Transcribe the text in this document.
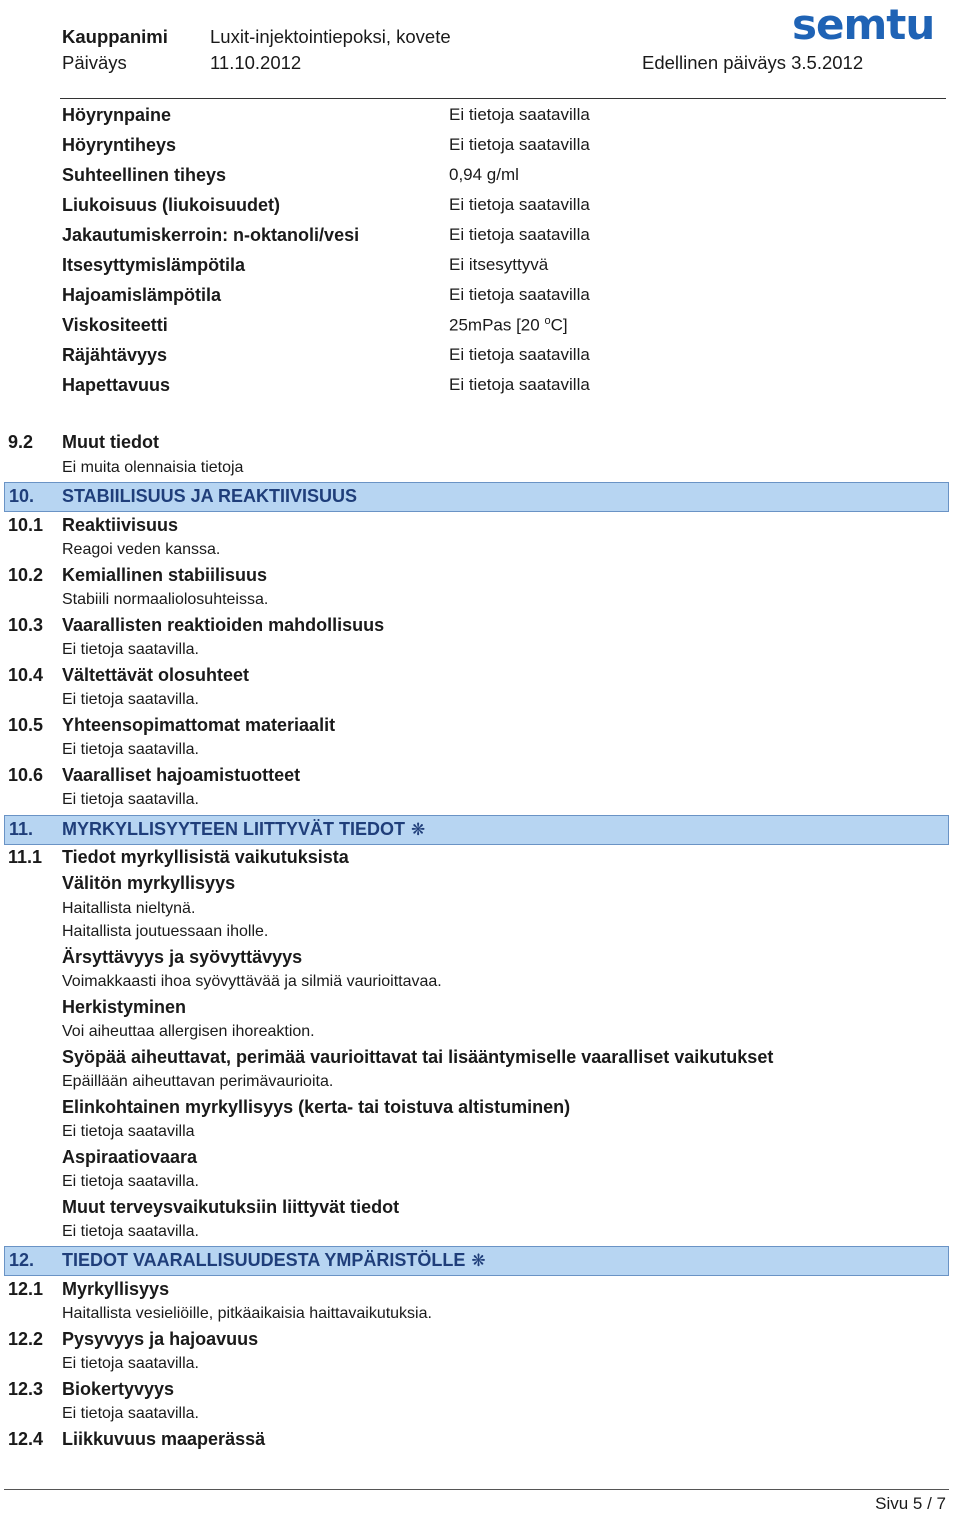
Kauppanimi Luxit-injektointiepoksi, kovete
Päiväys	11.10.2012	Edellinen päiväys 3.5.2012
semtu
Höyrynpaine	Ei tietoja saatavilla
Höyryntiheys	Ei tietoja saatavilla
Suhteellinen tiheys	0,94 g/ml
Liukoisuus (liukoisuudet)	Ei tietoja saatavilla
Jakautumiskerroin: n-oktanoli/vesi	Ei tietoja saatavilla
Itsesyttymislämpötila	Ei itsesyttyvä
Hajoamislämpötila	Ei tietoja saatavilla
Viskositeetti	25mPas [20 $^o$C]
Räjähtävyys	Ei tietoja saatavilla
Hapettavuus	Ei tietoja saatavilla
9.2 Muut tiedot
Ei muita olennaisia tietoja
10. STABIILISUUS JA REAKTIIVISUUS
10.1 Reaktiivisuus
Reagoi veden kanssa.
10.2 Kemiallinen stabiilisuus
Stabiili normaaliolosuhteissa.
10.3 Vaarallisten reaktioiden mahdollisuus
Ei tietoja saatavilla.
10.4 Vältettävät olosuhteet
Ei tietoja saatavilla.
10.5 Yhteensopimattomat materiaalit
Ei tietoja saatavilla.
10.6 Vaaralliset hajoamistuotteet
Ei tietoja saatavilla.
11. MYRKYLLISYYTEEN LIITTYVÄT TIEDOT ❋
11.1 Tiedot myrkyllisistä vaikutuksista
Välitön myrkyllisyys
Haitallista nieltynä.
Haitallista joutuessaan iholle.
Ärsyttävyys ja syövyttävyys
Voimakkaasti ihoa syövyttävää ja silmiä vaurioittavaa.
Herkistyminen
Voi aiheuttaa allergisen ihoreaktion.
Syöpää aiheuttavat, perimää vaurioittavat tai lisääntymiselle vaaralliset vaikutukset
Epäillään aiheuttavan perimävaurioita.
Elinkohtainen myrkyllisyys (kerta- tai toistuva altistuminen)
Ei tietoja saatavilla
Aspiraatiovaara
Ei tietoja saatavilla.
Muut terveysvaikutuksiin liittyvät tiedot
Ei tietoja saatavilla.
12. TIEDOT VAARALLISUUDESTA YMPÄRISTÖLLE ❋
12.1 Myrkyllisyys
Haitallista vesieliöille, pitkäaikaisia haittavaikutuksia.
12.2 Pysyvyys ja hajoavuus
Ei tietoja saatavilla.
12.3 Biokertyvyys
Ei tietoja saatavilla.
12.4 Liikkuvuus maaperässä
Sivu 5 / 7
